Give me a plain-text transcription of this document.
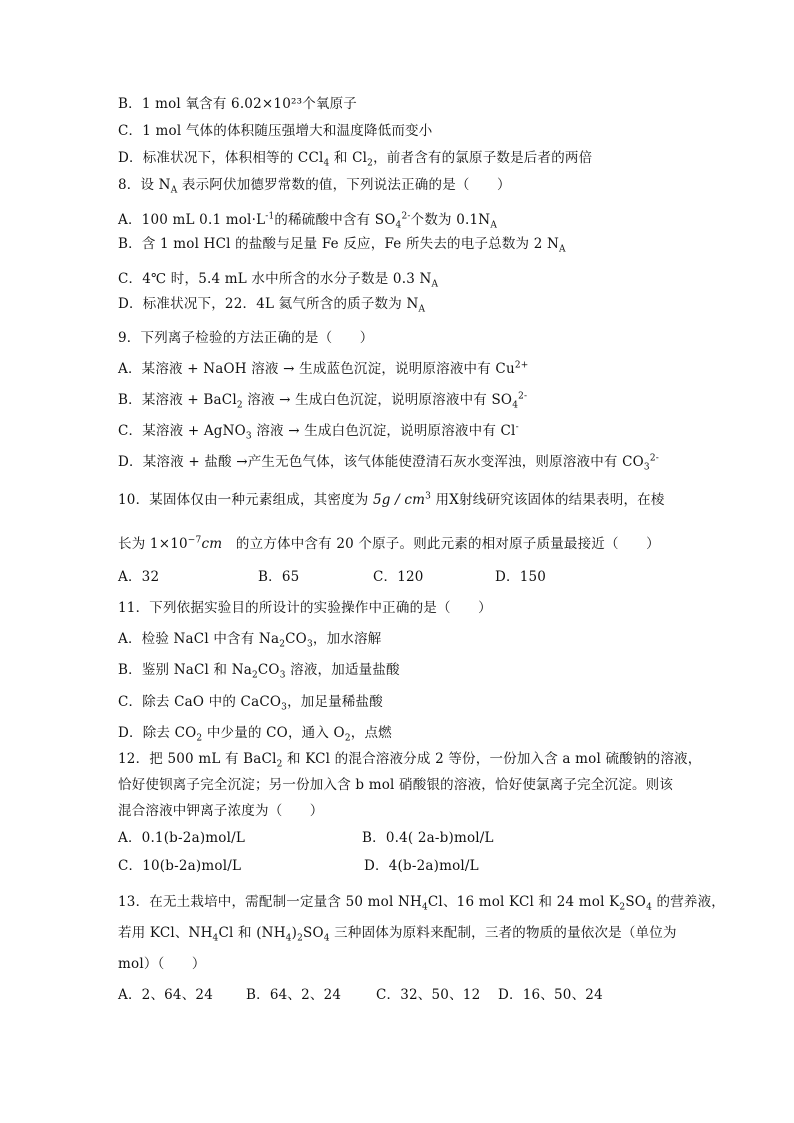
B．1 mol 氧含有 6.02×10²³个氧原子
C．1 mol 气体的体积随压强增大和温度降低而变小
D．标准状况下，体积相等的 CCl$_4$ 和 $Cl_2$，前者含有的氯原子数是后者的两倍
8．设 $N_A$ 表示阿伏加德罗常数的值，下列说法正确的是（　　）
A．100 mL 0.1 $mol\cdot L^{-1}$的稀硫酸中含有 $SO_4^{2-}$个数为 $0.1N_A$
B．含 1 mol HCl 的盐酸与足量 Fe 反应，Fe 所失去的电子总数为 2 $N_A$
C．4℃ 时，5.4 mL 水中所含的水分子数是 0.3 $N_A$
D．标准状况下，22．4L 氦气所含的质子数为 $N_A$
9．下列离子检验的方法正确的是（　　）
A．某溶液 + NaOH 溶液 → 生成蓝色沉淀，说明原溶液中有 $Cu^{2+}$
B．某溶液 + BaCl$_2$ 溶液 → 生成白色沉淀，说明原溶液中有 $SO_4^{2-}$
C．某溶液 + AgNO$_3$ 溶液 → 生成白色沉淀，说明原溶液中有 Cl-
D．某溶液 + 盐酸 →产生无色气体，该气体能使澄清石灰水变浑浊，则原溶液中有 $CO_3^{2-}$
10．某固体仅由一种元素组成，其密度为 $5g / cm^3$ 用X射线研究该固体的结果表明，在棱
长为 $1\times 10^{-7}cm$　的立方体中含有 20 个原子。则此元素的相对原子质量最接近（　　）
A．32	B．65	C．120	D．150
11．下列依据实验目的所设计的实验操作中正确的是（　　）
A．检验 NaCl 中含有 $Na_2CO_3$，加水溶解
B．鉴别 NaCl 和 $Na_2CO_3$ 溶液，加适量盐酸
C．除去 CaO 中的 CaCO$_3$，加足量稀盐酸
D．除去 $CO_2$ 中少量的 CO，通入 $O_2$，点燃
12．把 500 mL 有 BaCl$_2$ 和 KCl 的混合溶液分成 2 等份，一份加入含 a mol 硫酸钠的溶液，
恰好使钡离子完全沉淀；另一份加入含 b mol 硝酸银的溶液，恰好使氯离子完全沉淀。则该
混合溶液中钾离子浓度为（　　）
A．0.1(b-2a)mol/L	B．0.4( 2a-b)mol/L
C．10(b-2a)mol/L	D．4(b-2a)mol/L
13．在无土栽培中，需配制一定量含 50 mol $NH_4Cl$、16 mol KCl 和 24 mol $K_2SO_4$ 的营养液，
若用 KCl、$NH_4Cl$ 和 $(NH_4)_2SO_4$ 三种固体为原料来配制，三者的物质的量依次是（单位为
mol）（　　）
A．2、64、24 B．64、2、24	C．32、50、12 D．16、50、24
